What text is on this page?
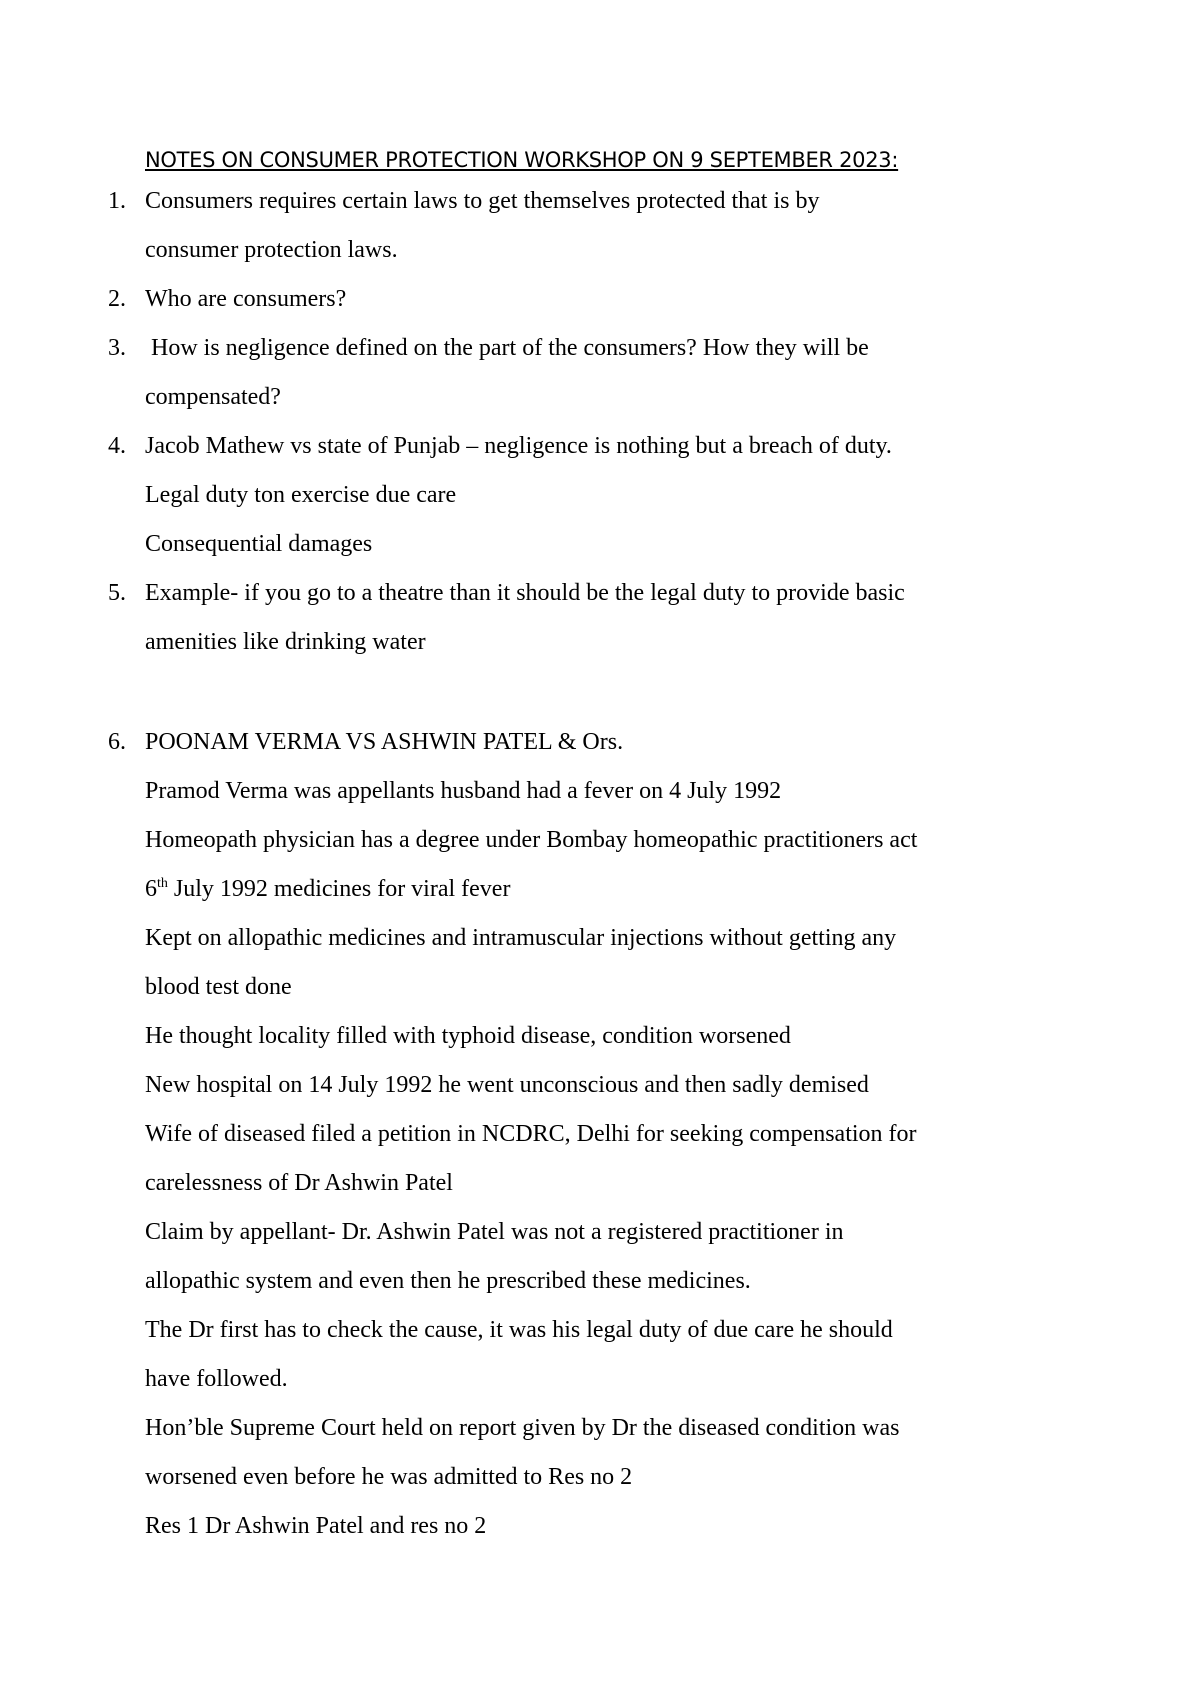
NOTES ON CONSUMER PROTECTION WORKSHOP ON 9 SEPTEMBER 2023:
1. Consumers requires certain laws to get themselves protected that is by
consumer protection laws.
2. Who are consumers?
3. How is negligence defined on the part of the consumers? How they will be
compensated?
4. Jacob Mathew vs state of Punjab – negligence is nothing but a breach of duty.
Legal duty ton exercise due care
Consequential damages
5. Example- if you go to a theatre than it should be the legal duty to provide basic
amenities like drinking water
6. POONAM VERMA VS ASHWIN PATEL & Ors.
Pramod Verma was appellants husband had a fever on 4 July 1992
Homeopath physician has a degree under Bombay homeopathic practitioners act
6th July 1992 medicines for viral fever
Kept on allopathic medicines and intramuscular injections without getting any
blood test done
He thought locality filled with typhoid disease, condition worsened
New hospital on 14 July 1992 he went unconscious and then sadly demised
Wife of diseased filed a petition in NCDRC, Delhi for seeking compensation for
carelessness of Dr Ashwin Patel
Claim by appellant- Dr. Ashwin Patel was not a registered practitioner in
allopathic system and even then he prescribed these medicines.
The Dr first has to check the cause, it was his legal duty of due care he should
have followed.
Hon’ble Supreme Court held on report given by Dr the diseased condition was
worsened even before he was admitted to Res no 2
Res 1 Dr Ashwin Patel and res no 2
